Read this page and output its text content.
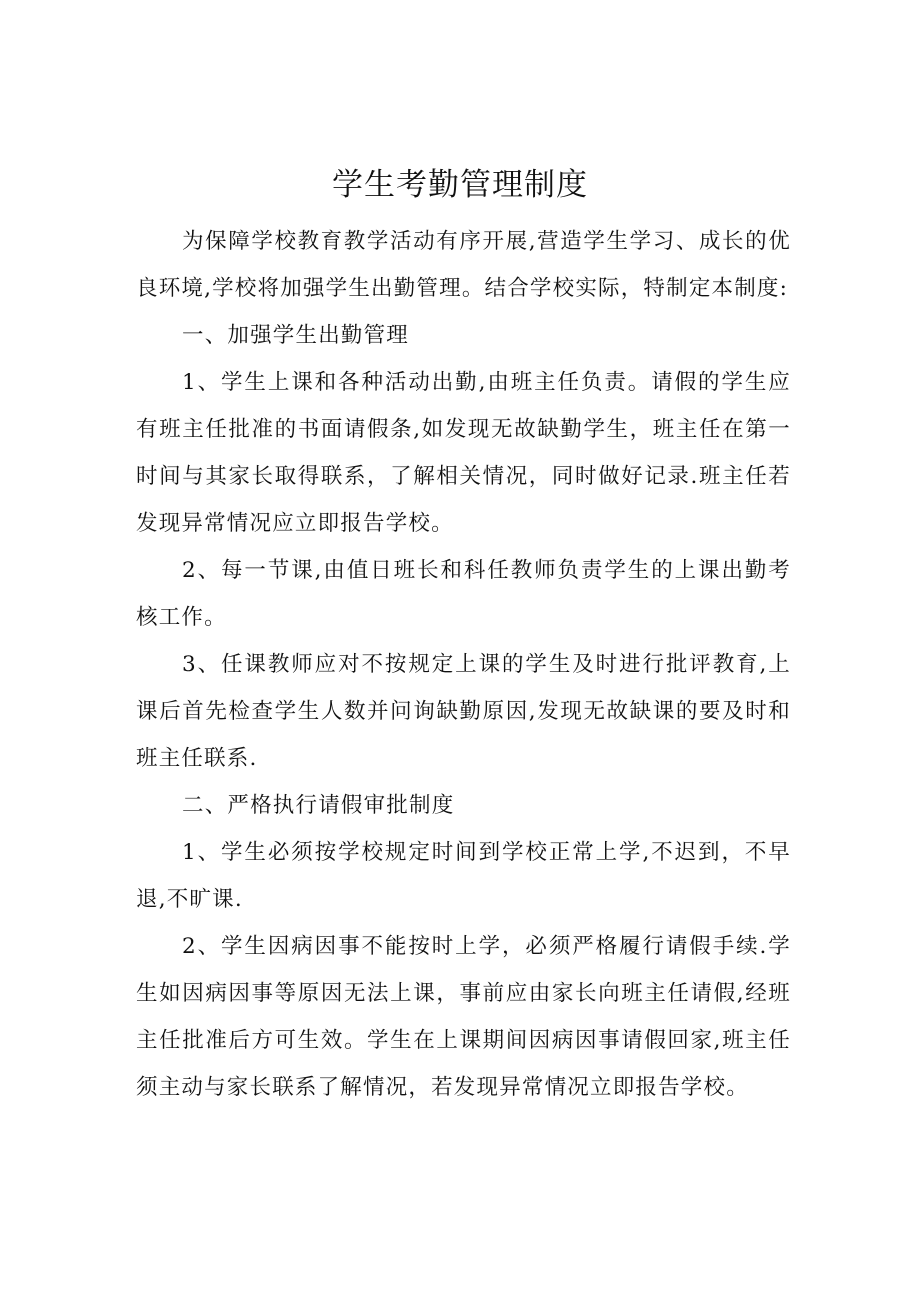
学生考勤管理制度

为保障学校教育教学活动有序开展,营造学生学习、成长的优良环境,学校将加强学生出勤管理。结合学校实际，特制定本制度:

一、加强学生出勤管理

1、学生上课和各种活动出勤,由班主任负责。请假的学生应有班主任批准的书面请假条,如发现无故缺勤学生，班主任在第一时间与其家长取得联系，了解相关情况，同时做好记录.班主任若发现异常情况应立即报告学校。

2、每一节课,由值日班长和科任教师负责学生的上课出勤考核工作。

3、任课教师应对不按规定上课的学生及时进行批评教育,上课后首先检查学生人数并问询缺勤原因,发现无故缺课的要及时和班主任联系.

二、严格执行请假审批制度

1、学生必须按学校规定时间到学校正常上学,不迟到，不早退,不旷课.

2、学生因病因事不能按时上学，必须严格履行请假手续.学生如因病因事等原因无法上课，事前应由家长向班主任请假,经班主任批准后方可生效。学生在上课期间因病因事请假回家,班主任须主动与家长联系了解情况，若发现异常情况立即报告学校。
